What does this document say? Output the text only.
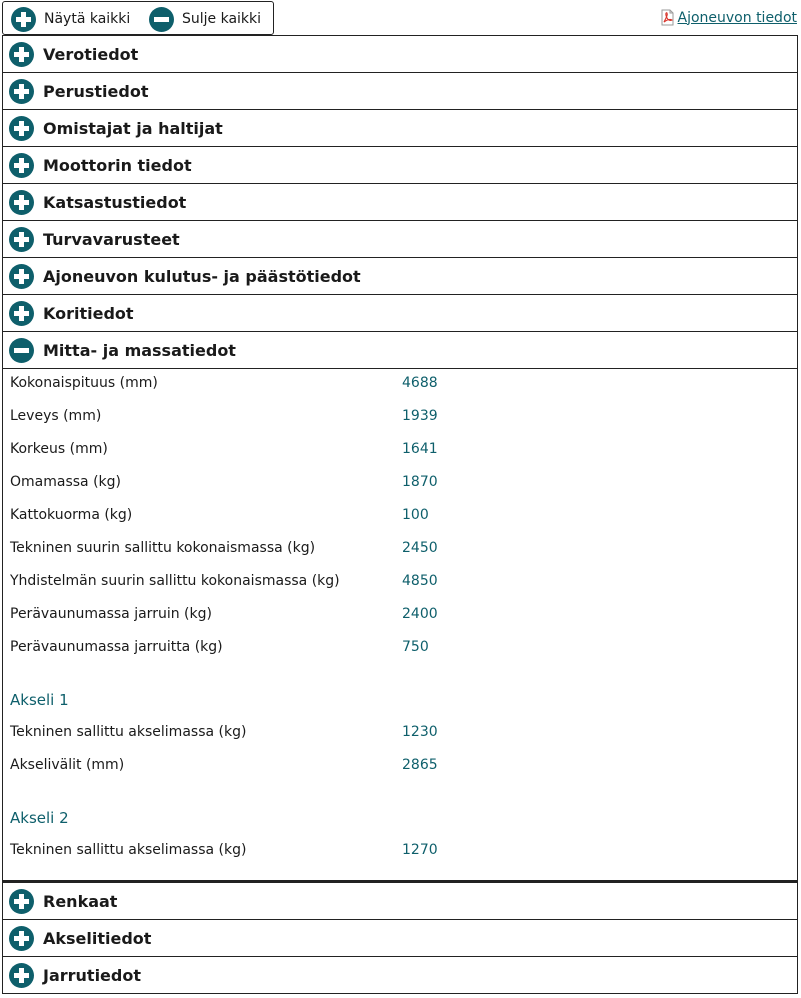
Näytä kaikki	Sulje kaikki	Ajoneuvon tiedot
Verotiedot
Perustiedot
Omistajat ja haltijat
Moottorin tiedot
Katsastustiedot
Turvavarusteet
Ajoneuvon kulutus- ja päästötiedot
Koritiedot
Mitta- ja massatiedot
Kokonaispituus (mm)	4688
Leveys (mm)	1939
Korkeus (mm)	1641
Omamassa (kg)	1870
Kattokuorma (kg)	100
Tekninen suurin sallittu kokonaismassa (kg)	2450
Yhdistelmän suurin sallittu kokonaismassa (kg)	4850
Perävaunumassa jarruin (kg)	2400
Perävaunumassa jarruitta (kg)	750
Akseli 1
Tekninen sallittu akselimassa (kg)	1230
Akselivälit (mm)	2865
Akseli 2
Tekninen sallittu akselimassa (kg)	1270
Renkaat
Akselitiedot
Jarrutiedot
